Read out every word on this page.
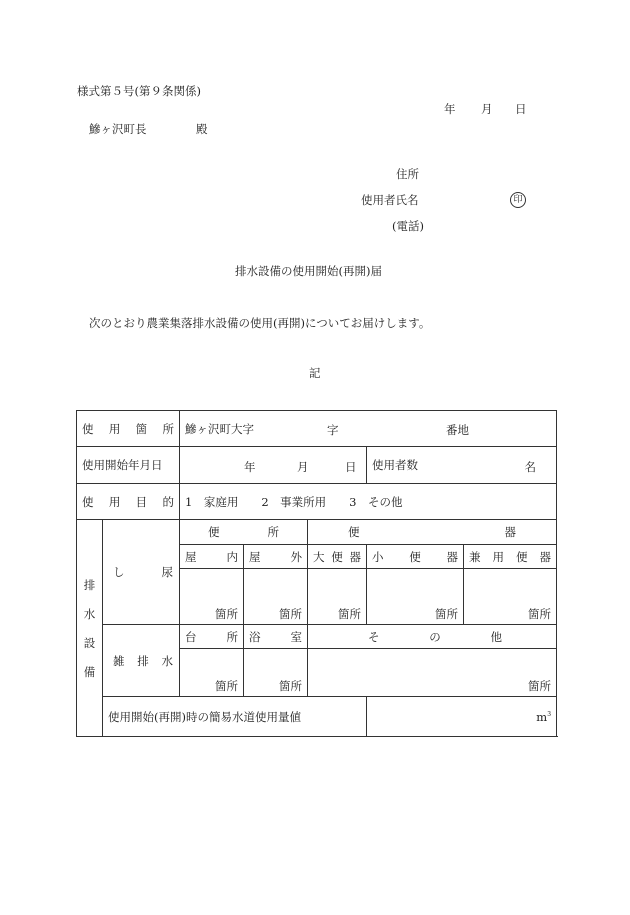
様式第５号(第９条関係)
年 月 日
鰺ヶ沢町長	殿
住所
使用者氏名	印
(電話)
排水設備の使用開始(再開)届
次のとおり農業集落排水設備の使用(再開)についてお届けします。
記
使 用 箇 所		鰺ヶ沢町大字 字 番地				

使用開始年月日		年 月 日			使用者数 名	

使 用 目 的		1　家庭用　　2　事業所用　　3　その他				

排
水
設
備	し 尿	便 所		便 器		

		屋 内	屋 外	大 便 器	小 便 器	兼 用 便 器

		箇所	箇所	箇所	箇所	箇所

	雑 排 水	台 所	浴 室	そ の 他		

		箇所	箇所	箇所		
	使用開始(再開)時の簡易水道使用量値				$m^3$
